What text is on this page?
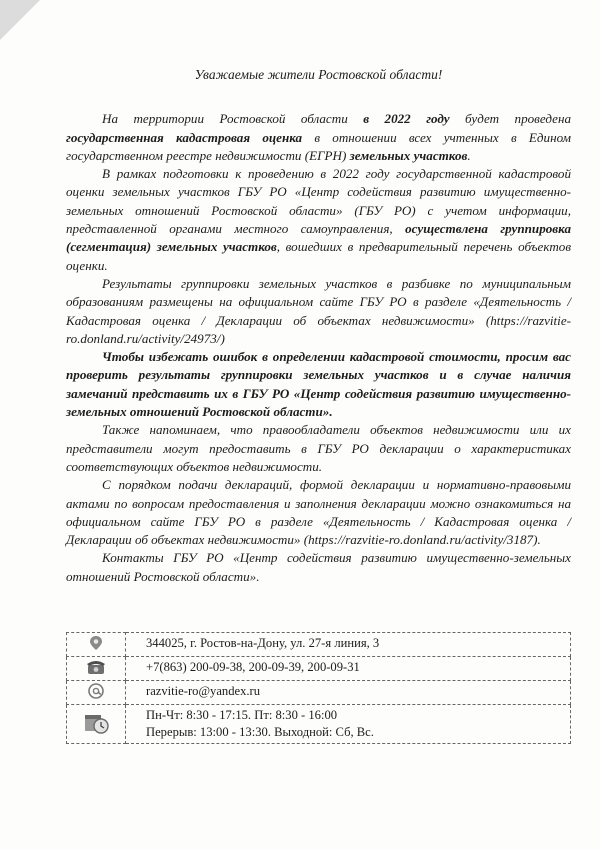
Уважаемые жители Ростовской области!

На территории Ростовской области в 2022 году будет проведена государственная кадастровая оценка в отношении всех учтенных в Едином государственном реестре недвижимости (ЕГРН) земельных участков.

В рамках подготовки к проведению в 2022 году государственной кадастровой оценки земельных участков ГБУ РО «Центр содействия развитию имущественно-земельных отношений Ростовской области» (ГБУ РО) с учетом информации, представленной органами местного самоуправления, осуществлена группировка (сегментация) земельных участков, вошедших в предварительный перечень объектов оценки.

Результаты группировки земельных участков в разбивке по муниципальным образованиям размещены на официальном сайте ГБУ РО в разделе «Деятельность / Кадастровая оценка / Декларации об объектах недвижимости» (https://razvitie-ro.donland.ru/activity/24973/)

Чтобы избежать ошибок в определении кадастровой стоимости, просим вас проверить результаты группировки земельных участков и в случае наличия замечаний представить их в ГБУ РО «Центр содействия развитию имущественно-земельных отношений Ростовской области».

Также напоминаем, что правообладатели объектов недвижимости или их представители могут предоставить в ГБУ РО декларации о характеристиках соответствующих объектов недвижимости.

С порядком подачи деклараций, формой декларации и нормативно-правовыми актами по вопросам предоставления и заполнения декларации можно ознакомиться на официальном сайте ГБУ РО в разделе «Деятельность / Кадастровая оценка / Декларации об объектах недвижимости» (https://razvitie-ro.donland.ru/activity/3187).

Контакты ГБУ РО «Центр содействия развитию имущественно-земельных отношений Ростовской области».

	344025, г. Ростов-на-Дону, ул. 27-я линия, 3
	+7(863) 200-09-38, 200-09-39, 200-09-31
	razvitie-ro@yandex.ru

Пн-Чт: 8:30 - 17:15. Пт: 8:30 - 16:00
Перерыв: 13:00 - 13:30. Выходной: Сб, Вс.
